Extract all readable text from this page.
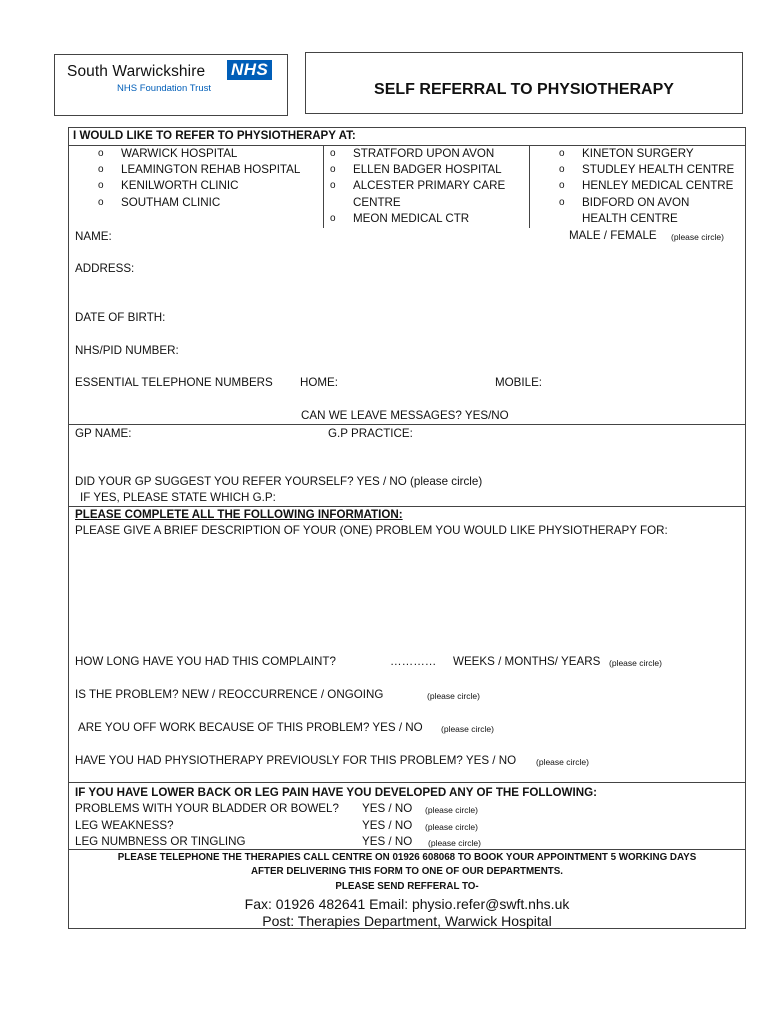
South Warwickshire NHS
NHS Foundation Trust	SELF REFERRAL TO PHYSIOTHERAPY
I WOULD LIKE TO REFER TO PHYSIOTHERAPY AT:
o WARWICK HOSPITAL
o LEAMINGTON REHAB HOSPITAL
o KENILWORTH CLINIC
o SOUTHAM CLINIC
o STRATFORD UPON AVON
o ELLEN BADGER HOSPITAL
o ALCESTER PRIMARY CARE
CENTRE
o MEON MEDICAL CTR
o KINETON SURGERY
o STUDLEY HEALTH CENTRE
o HENLEY MEDICAL CENTRE
o BIDFORD ON AVON
HEALTH CENTRE
NAME:	MALE / FEMALE (please circle)
ADDRESS:
DATE OF BIRTH:
NHS/PID NUMBER:
ESSENTIAL TELEPHONE NUMBERS HOME:	MOBILE:
CAN WE LEAVE MESSAGES? YES/NO
GP NAME:	G.P PRACTICE:
DID YOUR GP SUGGEST YOU REFER YOURSELF? YES / NO (please circle)
IF YES, PLEASE STATE WHICH G.P:
PLEASE COMPLETE ALL THE FOLLOWING INFORMATION:
PLEASE GIVE A BRIEF DESCRIPTION OF YOUR (ONE) PROBLEM YOU WOULD LIKE PHYSIOTHERAPY FOR:
HOW LONG HAVE YOU HAD THIS COMPLAINT?	………… WEEKS / MONTHS/ YEARS (please circle)
IS THE PROBLEM? NEW / REOCCURRENCE / ONGOING	(please circle)
ARE YOU OFF WORK BECAUSE OF THIS PROBLEM? YES / NO (please circle)
HAVE YOU HAD PHYSIOTHERAPY PREVIOUSLY FOR THIS PROBLEM? YES / NO (please circle)
IF YOU HAVE LOWER BACK OR LEG PAIN HAVE YOU DEVELOPED ANY OF THE FOLLOWING:
PROBLEMS WITH YOUR BLADDER OR BOWEL? YES / NO (please circle)
LEG WEAKNESS?	YES / NO (please circle)
LEG NUMBNESS OR TINGLING	YES / NO (please circle)
PLEASE TELEPHONE THE THERAPIES CALL CENTRE ON 01926 608068 TO BOOK YOUR APPOINTMENT 5 WORKING DAYS
AFTER DELIVERING THIS FORM TO ONE OF OUR DEPARTMENTS.
PLEASE SEND REFFERAL TO-
Fax: 01926 482641 Email: physio.refer@swft.nhs.uk
Post: Therapies Department, Warwick Hospital
